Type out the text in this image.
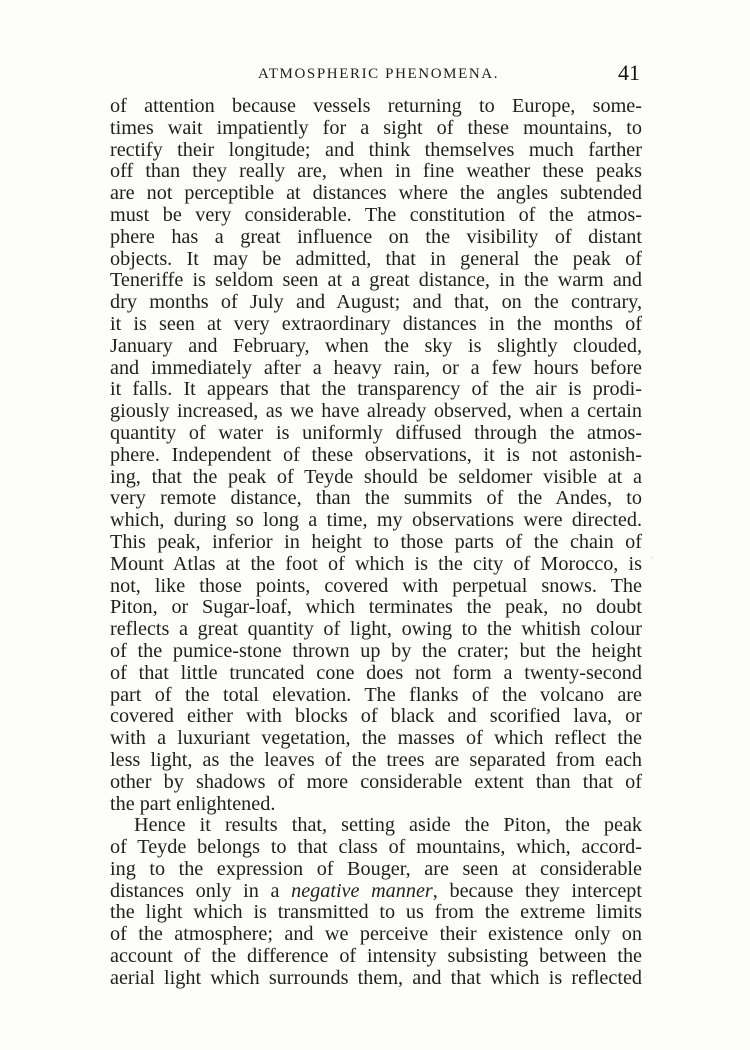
ATMOSPHERIC PHENOMENA.	41
of attention because vessels returning to Europe, some-
times wait impatiently for a sight of these mountains, to
rectify their longitude; and think themselves much farther
off than they really are, when in fine weather these peaks
are not perceptible at distances where the angles subtended
must be very considerable. The constitution of the atmos-
phere has a great influence on the visibility of distant
objects. It may be admitted, that in general the peak of
Teneriffe is seldom seen at a great distance, in the warm and
dry months of July and August; and that, on the contrary,
it is seen at very extraordinary distances in the months of
January and February, when the sky is slightly clouded,
and immediately after a heavy rain, or a few hours before
it falls. It appears that the transparency of the air is prodi-
giously increased, as we have already observed, when a certain
quantity of water is uniformly diffused through the atmos-
phere. Independent of these observations, it is not astonish-
ing, that the peak of Teyde should be seldomer visible at a
very remote distance, than the summits of the Andes, to
which, during so long a time, my observations were directed.
This peak, inferior in height to those parts of the chain of
Mount Atlas at the foot of which is the city of Morocco, is
not, like those points, covered with perpetual snows. The
Piton, or Sugar-loaf, which terminates the peak, no doubt
reflects a great quantity of light, owing to the whitish colour
of the pumice-stone thrown up by the crater; but the height
of that little truncated cone does not form a twenty-second
part of the total elevation. The flanks of the volcano are
covered either with blocks of black and scorified lava, or
with a luxuriant vegetation, the masses of which reflect the
less light, as the leaves of the trees are separated from each
other by shadows of more considerable extent than that of
the part enlightened.
Hence it results that, setting aside the Piton, the peak
of Teyde belongs to that class of mountains, which, accord-
ing to the expression of Bouger, are seen at considerable
distances only in a negative manner, because they intercept
the light which is transmitted to us from the extreme limits
of the atmosphere; and we perceive their existence only on
account of the difference of intensity subsisting between the
aerial light which surrounds them, and that which is reflected
